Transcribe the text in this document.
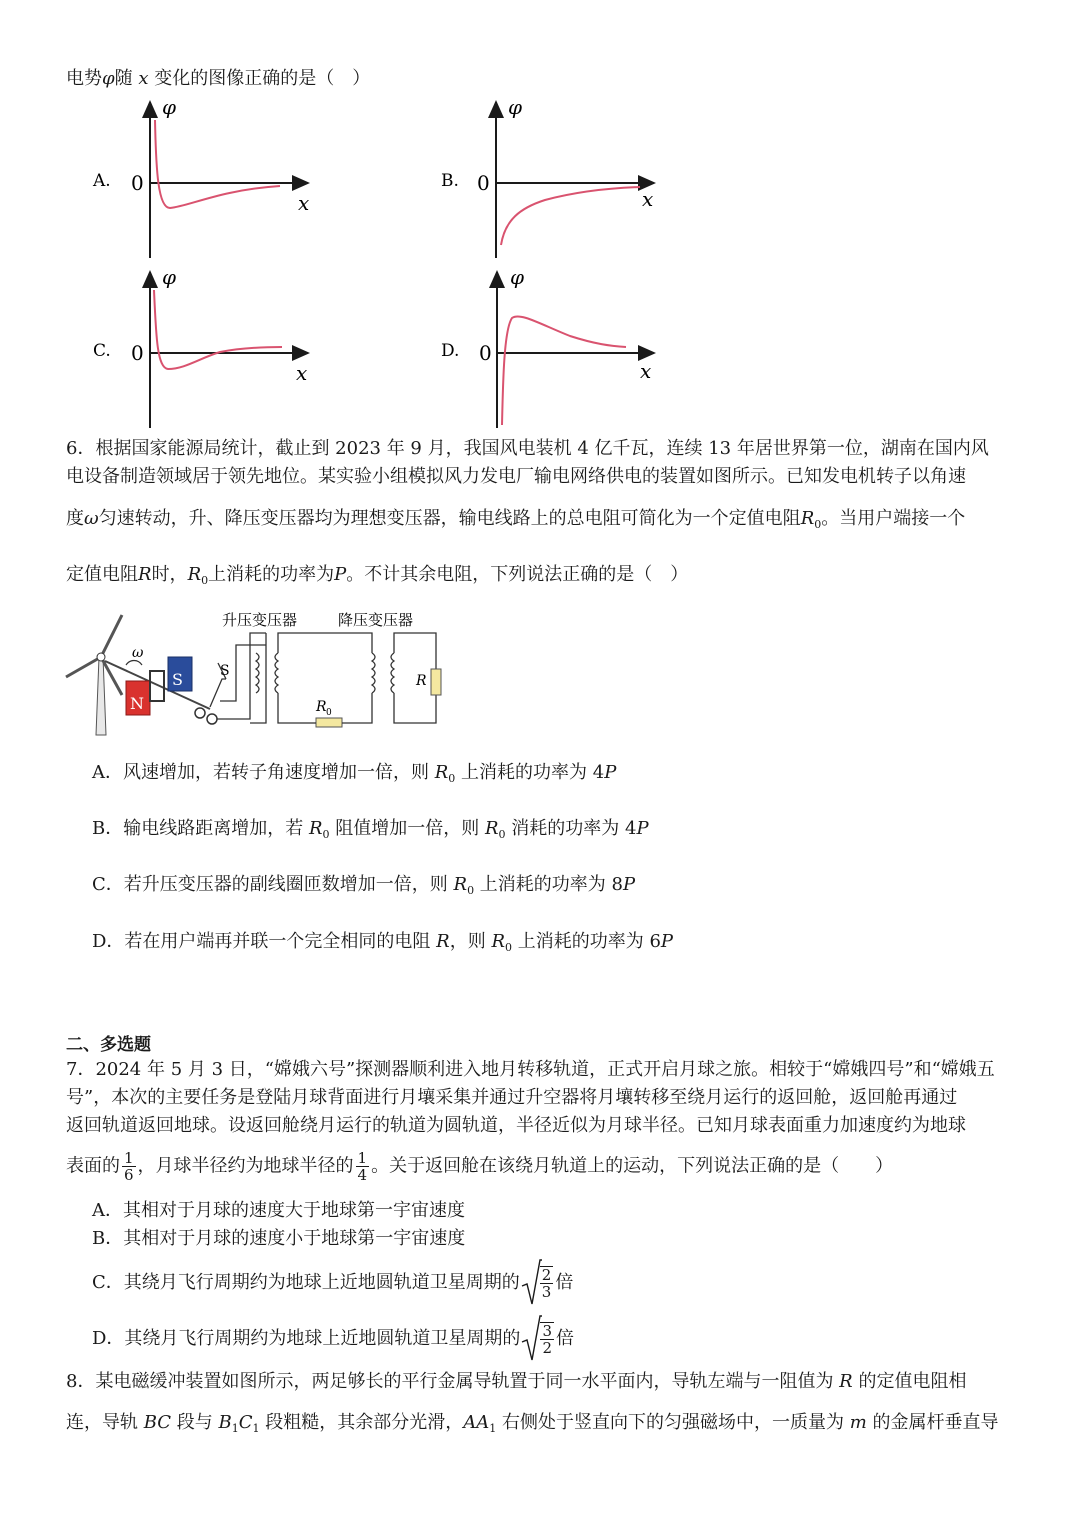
电势φ随 x 变化的图像正确的是（　）
A. 0
φ
x
B. 0
φ
x
C. 0
φ
x
D. 0
φ
x
6．根据国家能源局统计，截止到 2023 年 9 月，我国风电装机 4 亿千瓦，连续 13 年居世界第一位，湖南在国内风
电设备制造领域居于领先地位。某实验小组模拟风力发电厂输电网络供电的装置如图所示。已知发电机转子以角速
度ω匀速转动，升、降压变压器均为理想变压器，输电线路上的总电阻可简化为一个定值电阻$R_0$。当用户端接一个
定值电阻R时，$R_0$上消耗的功率为P。不计其余电阻，下列说法正确的是（　）
ω
N
S	S
升压变压器
R 0
降压变压器
R
A．风速增加，若转子角速度增加一倍，则 $R_0$ 上消耗的功率为 4P
B．输电线路距离增加，若 $R_0$ 阻值增加一倍，则 $R_0$ 消耗的功率为 4P
C．若升压变压器的副线圈匝数增加一倍，则 $R_0$ 上消耗的功率为 8P
D．若在用户端再并联一个完全相同的电阻 R，则 $R_0$ 上消耗的功率为 6P
二、多选题
7．2024 年 5 月 3 日，“嫦娥六号”探测器顺利进入地月转移轨道，正式开启月球之旅。相较于“嫦娥四号”和“嫦娥五
号”，本次的主要任务是登陆月球背面进行月壤采集并通过升空器将月壤转移至绕月运行的返回舱，返回舱再通过
返回轨道返回地球。设返回舱绕月运行的轨道为圆轨道，半径近似为月球半径。已知月球表面重力加速度约为地球
表面的 $\frac{1}{6}$ ，月球半径约为地球半径的 $\frac{1}{4}$ 。关于返回舱在该绕月轨道上的运动，下列说法正确的是（　　）
A．其相对于月球的速度大于地球第一宇宙速度
B．其相对于月球的速度小于地球第一宇宙速度
C．其绕月飞行周期约为地球上近地圆轨道卫星周期的 $\frac{2}{3}$ 倍
D．其绕月飞行周期约为地球上近地圆轨道卫星周期的 $\frac{3}{2}$ 倍
8．某电磁缓冲装置如图所示，两足够长的平行金属导轨置于同一水平面内，导轨左端与一阻值为 R 的定值电阻相
连，导轨 BC 段与 $B_1C_1$ 段粗糙，其余部分光滑，$AA_1$ 右侧处于竖直向下的匀强磁场中，一质量为 m 的金属杆垂直导
